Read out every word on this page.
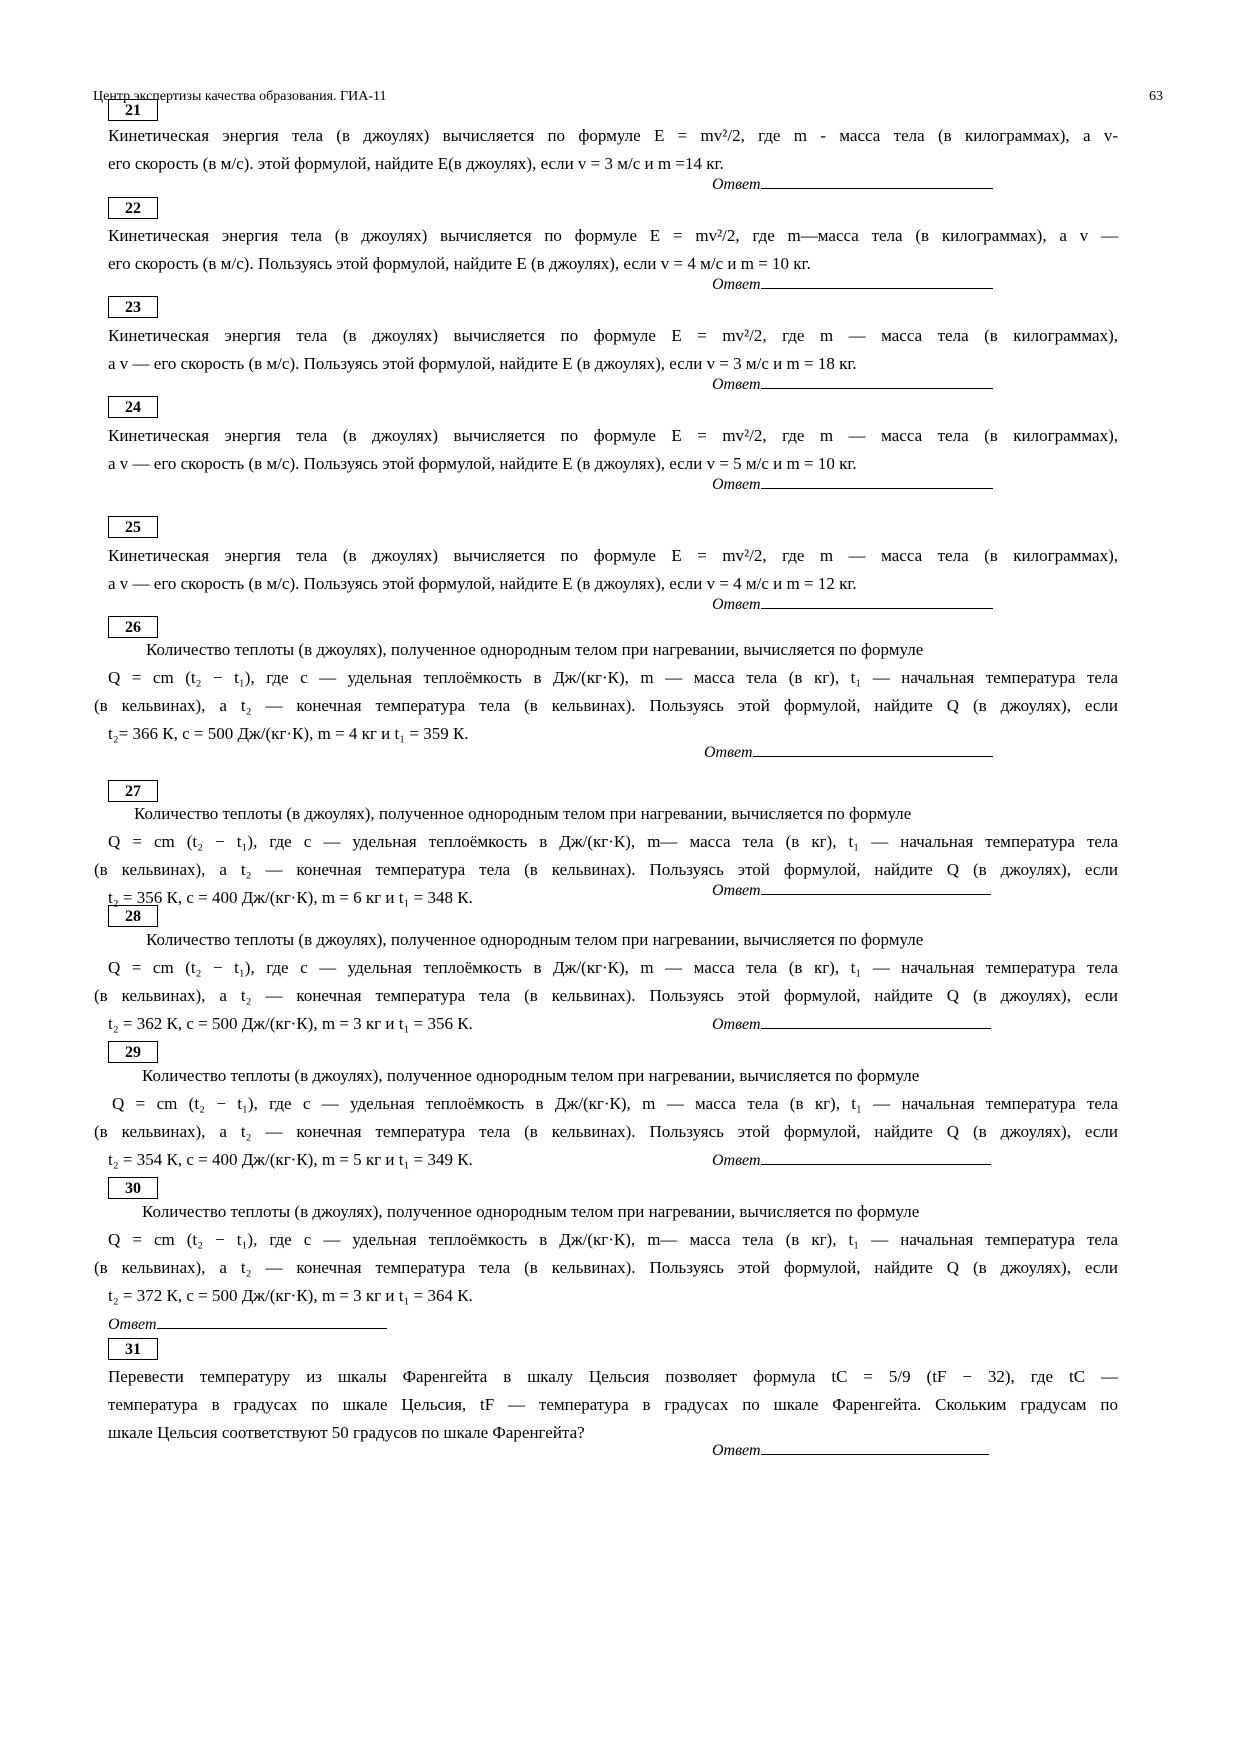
Центр экспертизы качества образования. ГИА-11	63
21
Кинетическая энергия тела (в джоулях) вычисляется по формуле E = mv²/2, где m - масса тела (в килограммах), а v-
его скорость (в м/с). этой формулой, найдите E(в джоулях), если v = 3 м/с и m =14 кг.
Ответ
22
Кинетическая энергия тела (в джоулях) вычисляется по формуле E = mv²/2, где m—масса тела (в килограммах), а v —
его скорость (в м/с). Пользуясь этой формулой, найдите E (в джоулях), если v = 4 м/с и m = 10 кг.
Ответ
23
Кинетическая энергия тела (в джоулях) вычисляется по формуле E = mv²/2, где m — масса тела (в килограммах),
а v — его скорость (в м/с). Пользуясь этой формулой, найдите E (в джоулях), если v = 3 м/с и m = 18 кг.
Ответ
24
Кинетическая энергия тела (в джоулях) вычисляется по формуле E = mv²/2, где m — масса тела (в килограммах),
а v — его скорость (в м/с). Пользуясь этой формулой, найдите E (в джоулях), если v = 5 м/с и m = 10 кг.
Ответ
25
Кинетическая энергия тела (в джоулях) вычисляется по формуле E = mv²/2, где m — масса тела (в килограммах),
а v — его скорость (в м/с). Пользуясь этой формулой, найдите E (в джоулях), если v = 4 м/с и m = 12 кг.
Ответ
26
Количество теплоты (в джоулях), полученное однородным телом при нагревании, вычисляется по формуле
Q = cm (t₂ − t₁), где c — удельная теплоёмкость в Дж/(кг·К), m — масса тела (в кг), t₁ — начальная температура тела
(в кельвинах), а t₂ — конечная температура тела (в кельвинах). Пользуясь этой формулой, найдите Q (в джоулях), если
t₂= 366 К, c = 500 Дж/(кг·К), m = 4 кг и t₁ = 359 К.
Ответ
27
Количество теплоты (в джоулях), полученное однородным телом при нагревании, вычисляется по формуле
Q = cm (t₂ − t₁), где c — удельная теплоёмкость в Дж/(кг·К), m— масса тела (в кг), t₁ — начальная температура тела
(в кельвинах), а t₂ — конечная температура тела (в кельвинах). Пользуясь этой формулой, найдите Q (в джоулях), если
t₂ = 356 К, c = 400 Дж/(кг·К), m = 6 кг и t₁ = 348 К.	Ответ
28
Количество теплоты (в джоулях), полученное однородным телом при нагревании, вычисляется по формуле
Q = cm (t₂ − t₁), где c — удельная теплоёмкость в Дж/(кг·К), m — масса тела (в кг), t₁ — начальная температура тела
(в кельвинах), а t₂ — конечная температура тела (в кельвинах). Пользуясь этой формулой, найдите Q (в джоулях), если
t₂ = 362 К, c = 500 Дж/(кг·К), m = 3 кг и t₁ = 356 К.	Ответ
29
Количество теплоты (в джоулях), полученное однородным телом при нагревании, вычисляется по формуле
Q = cm (t₂ − t₁), где c — удельная теплоёмкость в Дж/(кг·К), m — масса тела (в кг), t₁ — начальная температура тела
(в кельвинах), а t₂ — конечная температура тела (в кельвинах). Пользуясь этой формулой, найдите Q (в джоулях), если
t₂ = 354 К, c = 400 Дж/(кг·К), m = 5 кг и t₁ = 349 К.	Ответ
30
Количество теплоты (в джоулях), полученное однородным телом при нагревании, вычисляется по формуле
Q = cm (t₂ − t₁), где c — удельная теплоёмкость в Дж/(кг·К), m— масса тела (в кг), t₁ — начальная температура тела
(в кельвинах), а t₂ — конечная температура тела (в кельвинах). Пользуясь этой формулой, найдите Q (в джоулях), если
t₂ = 372 К, c = 500 Дж/(кг·К), m = 3 кг и t₁ = 364 К.
Ответ
31
Перевести температуру из шкалы Фаренгейта в шкалу Цельсия позволяет формула tC = 5/9 (tF − 32), где tC —
температура в градусах по шкале Цельсия, tF — температура в градусах по шкале Фаренгейта. Скольким градусам по
шкале Цельсия соответствуют 50 градусов по шкале Фаренгейта?
Ответ
